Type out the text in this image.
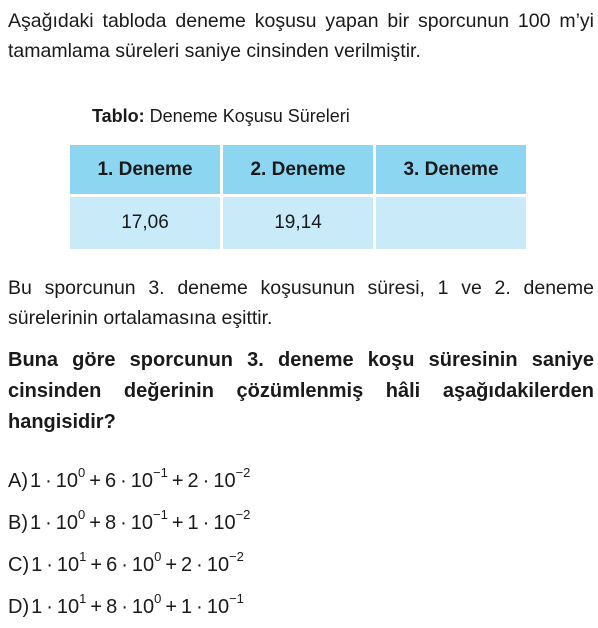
Aşağıdaki tabloda deneme koşusu yapan bir sporcunun 100 m’yi tamamlama süreleri saniye cinsinden verilmiştir.

Tablo: Deneme Koşusu Süreleri

1. Deneme	2. Deneme	3. Deneme
17,06	19,14	

Bu sporcunun 3. deneme koşusunun süresi, 1 ve 2. deneme sürelerinin ortalamasına eşittir.

Buna göre sporcunun 3. deneme koşu süresinin saniye cinsinden değerinin çözümlenmiş hâli aşağıdakilerden hangisidir?

A) $1 \cdot 10^0 + 6 \cdot 10^{-1} + 2 \cdot 10^{-2}$
B) $1 \cdot 10^0 + 8 \cdot 10^{-1} + 1 \cdot 10^{-2}$
C) $1 \cdot 10^1 + 6 \cdot 10^0 + 2 \cdot 10^{-2}$
D) $1 \cdot 10^1 + 8 \cdot 10^0 + 1 \cdot 10^{-1}$
